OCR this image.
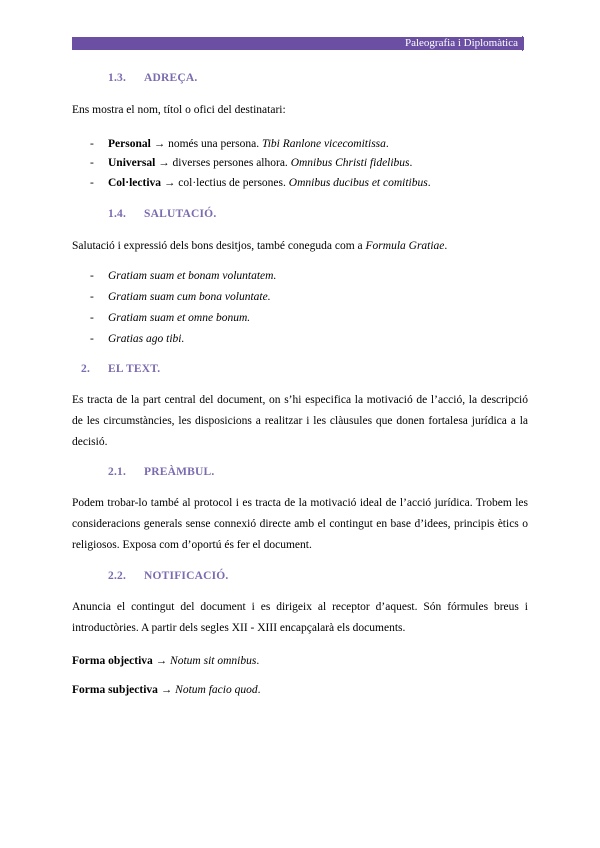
Paleografia i Diplomàtica
1.3. ADREÇA.
Ens mostra el nom, títol o ofici del destinatari:
- Personal → només una persona. Tibi Ranlone vicecomitissa.
- Universal → diverses persones alhora. Omnibus Christi fidelibus.
- Col·lectiva → col·lectius de persones. Omnibus ducibus et comitibus.
1.4. SALUTACIÓ.
Salutació i expressió dels bons desitjos, també coneguda com a Formula Gratiae.
- Gratiam suam et bonam voluntatem.
- Gratiam suam cum bona voluntate.
- Gratiam suam et omne bonum.
- Gratias ago tibi.
2. EL TEXT.
Es tracta de la part central del document, on s’hi especifica la motivació de l’acció, la descripció de les circumstàncies, les disposicions a realitzar i les clàusules que donen fortalesa jurídica a la decisió.
2.1. PREÀMBUL.
Podem trobar-lo també al protocol i es tracta de la motivació ideal de l’acció jurídica. Trobem les consideracions generals sense connexió directe amb el contingut en base d’idees, principis ètics o religiosos. Exposa com d’oportú és fer el document.
2.2. NOTIFICACIÓ.
Anuncia el contingut del document i es dirigeix al receptor d’aquest. Són fórmules breus i introductòries. A partir dels segles XII - XIII encapçalarà els documents.
Forma objectiva → Notum sit omnibus.
Forma subjectiva → Notum facio quod.
